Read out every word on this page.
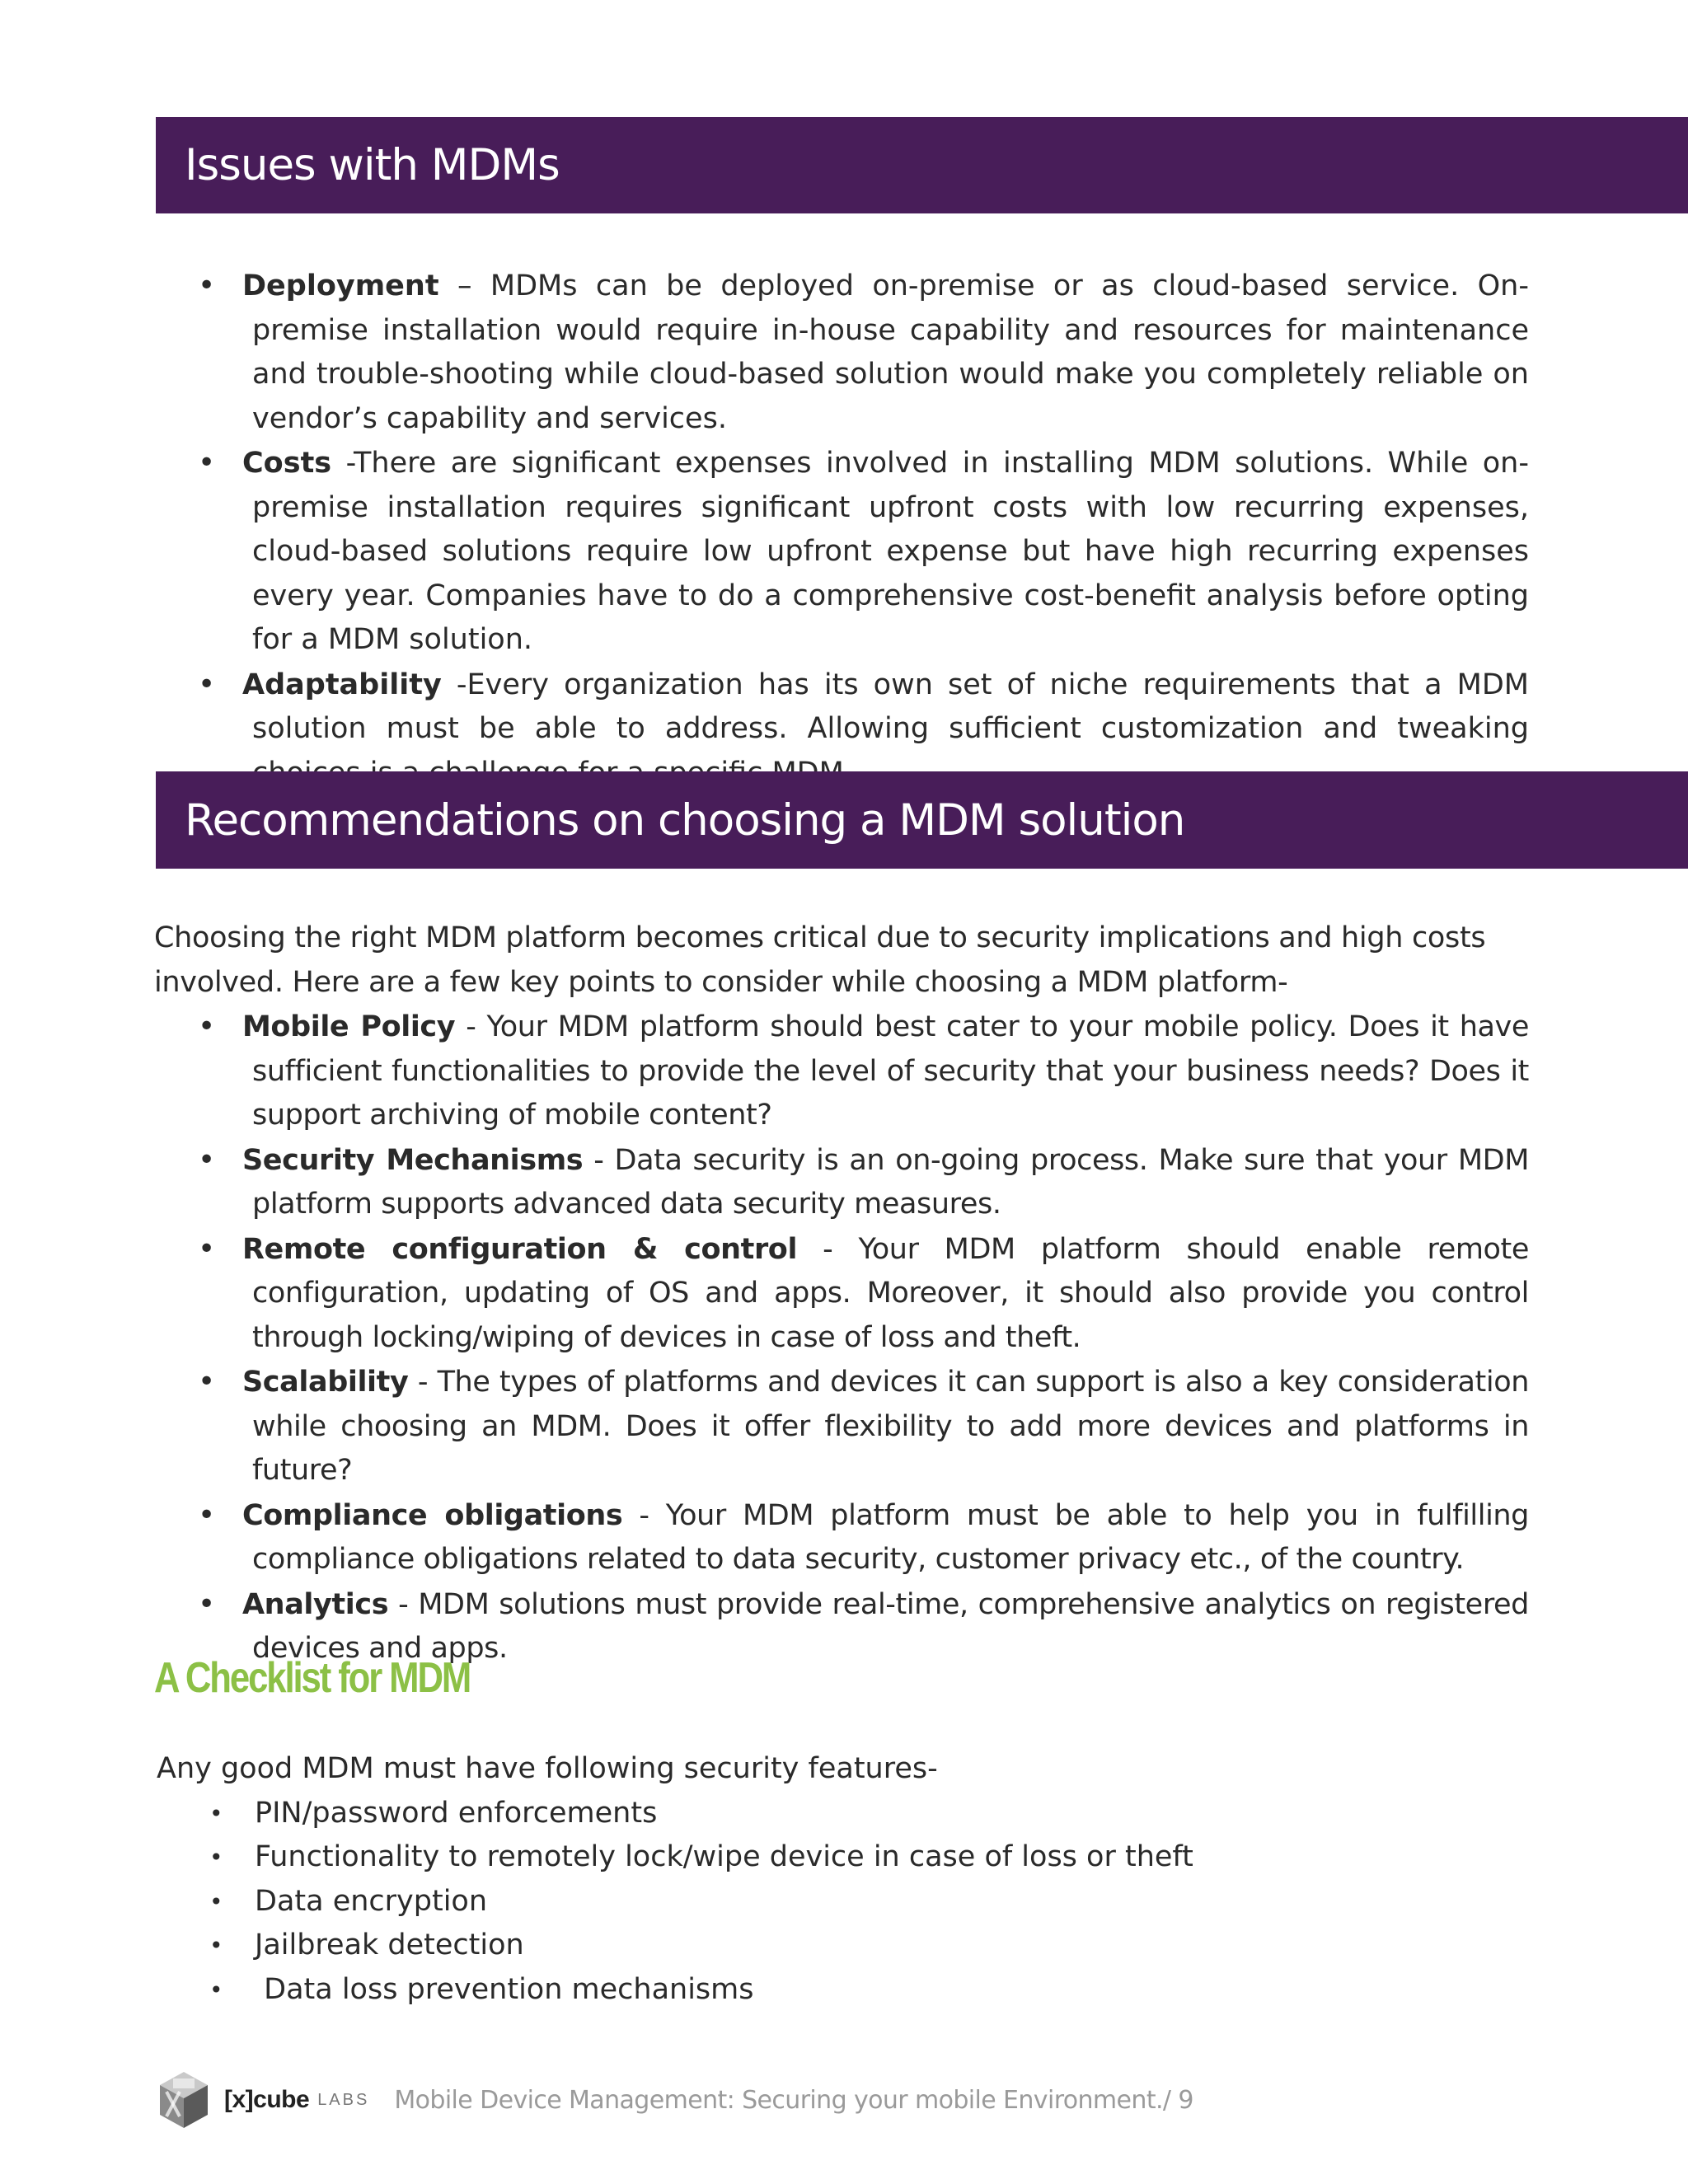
Issues with MDMs
• Deployment – MDMs can be deployed on-premise or as cloud-based service. On-premise installation would require in-house capability and resources for maintenance and trouble-shooting while cloud-based solution would make you completely reliable on vendor’s capability and services.
• Costs -There are significant expenses involved in installing MDM solutions. While on-premise installation requires significant upfront costs with low recurring expenses, cloud-based solutions require low upfront expense but have high recurring expenses every year. Companies have to do a comprehensive cost-benefit analysis before opting for a MDM solution.
• Adaptability -Every organization has its own set of niche requirements that a MDM solution must be able to address. Allowing sufficient customization and tweaking
Recommendations on choosing a MDM solution

Choosing the right MDM platform becomes critical due to security implications and high costs involved. Here are a few key points to consider while choosing a MDM platform-

• Mobile Policy - Your MDM platform should best cater to your mobile policy. Does it have sufficient functionalities to provide the level of security that your business needs? Does it support archiving of mobile content?
• Security Mechanisms - Data security is an on-going process. Make sure that your MDM platform supports advanced data security measures.
• Remote configuration & control - Your MDM platform should enable remote configuration, updating of OS and apps. Moreover, it should also provide you control through locking/wiping of devices in case of loss and theft.
• Scalability - The types of platforms and devices it can support is also a key consideration while choosing an MDM. Does it offer flexibility to add more devices and platforms in future?
• Compliance obligations - Your MDM platform must be able to help you in fulfilling compliance obligations related to data security, customer privacy etc., of the country.
• Analytics - MDM solutions must provide real-time, comprehensive analytics on registered devices and apps.
A Checklist for MDM

Any good MDM must have following security features-

• PIN/password enforcements
• Functionality to remotely lock/wipe device in case of loss or theft
• Data encryption
• Jailbreak detection
• Data loss prevention mechanisms
[x]cube LABS Mobile Device Management: Securing your mobile Environment./ 9
